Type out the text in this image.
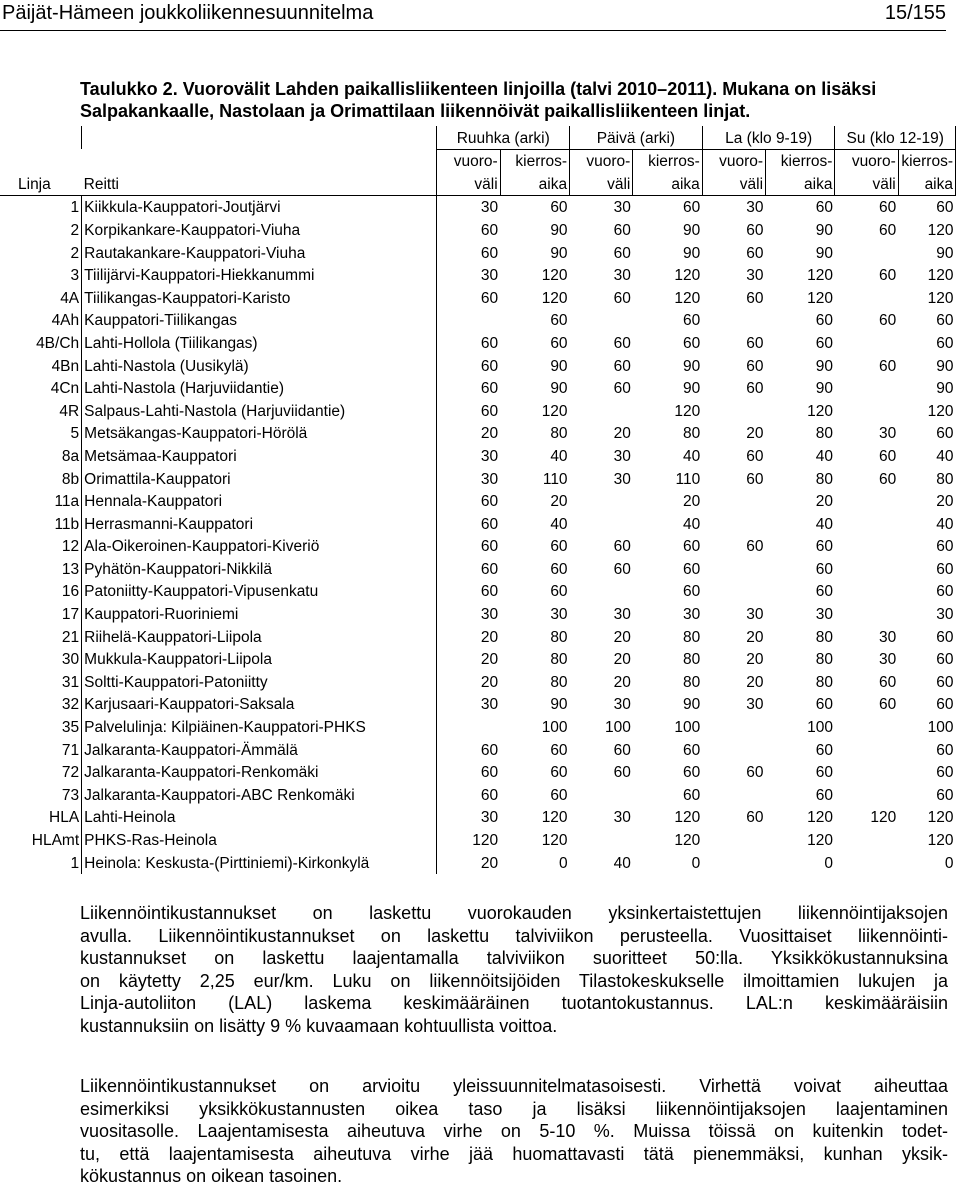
Päijät-Hämeen joukkoliikennesuunnitelma	15/155
Taulukko 2. Vuorovälit Lahden paikallisliikenteen linjoilla (talvi 2010–2011). Mukana on lisäksi
Salpakankaalle, Nastolaan ja Orimattilaan liikennöivät paikallisliikenteen linjat.
		Ruuhka (arki)		Päivä (arki)		La (klo 9-19)		Su (klo 12-19)	
		vuoro-	kierros-	vuoro-	kierros-	vuoro-	kierros-	vuoro-	kierros-
Linja	Reitti	väli	aika	väli	aika	väli	aika	väli	aika
1	Kiikkula-Kauppatori-Joutjärvi	30	60	30	60	30	60	60	60
2	Korpikankare-Kauppatori-Viuha	60	90	60	90	60	90	60	120
2	Rautakankare-Kauppatori-Viuha	60	90	60	90	60	90		90
3	Tiilijärvi-Kauppatori-Hiekkanummi	30	120	30	120	30	120	60	120
4A	Tiilikangas-Kauppatori-Karisto	60	120	60	120	60	120		120
4Ah	Kauppatori-Tiilikangas		60		60		60	60	60
4B/Ch	Lahti-Hollola (Tiilikangas)	60	60	60	60	60	60		60
4Bn	Lahti-Nastola (Uusikylä)	60	90	60	90	60	90	60	90
4Cn	Lahti-Nastola (Harjuviidantie)	60	90	60	90	60	90		90
4R	Salpaus-Lahti-Nastola (Harjuviidantie)	60	120		120		120		120
5	Metsäkangas-Kauppatori-Hörölä	20	80	20	80	20	80	30	60
8a	Metsämaa-Kauppatori	30	40	30	40	60	40	60	40
8b	Orimattila-Kauppatori	30	110	30	110	60	80	60	80
11a	Hennala-Kauppatori	60	20		20		20		20
11b	Herrasmanni-Kauppatori	60	40		40		40		40
12	Ala-Oikeroinen-Kauppatori-Kiveriö	60	60	60	60	60	60		60
13	Pyhätön-Kauppatori-Nikkilä	60	60	60	60		60		60
16	Patoniitty-Kauppatori-Vipusenkatu	60	60		60		60		60
17	Kauppatori-Ruoriniemi	30	30	30	30	30	30		30
21	Riihelä-Kauppatori-Liipola	20	80	20	80	20	80	30	60
30	Mukkula-Kauppatori-Liipola	20	80	20	80	20	80	30	60
31	Soltti-Kauppatori-Patoniitty	20	80	20	80	20	80	60	60
32	Karjusaari-Kauppatori-Saksala	30	90	30	90	30	60	60	60
35	Palvelulinja: Kilpiäinen-Kauppatori-PHKS		100	100	100		100		100
71	Jalkaranta-Kauppatori-Ämmälä	60	60	60	60		60		60
72	Jalkaranta-Kauppatori-Renkomäki	60	60	60	60	60	60		60
73	Jalkaranta-Kauppatori-ABC Renkomäki	60	60		60		60		60
HLA	Lahti-Heinola	30	120	30	120	60	120	120	120
HLAmt	PHKS-Ras-Heinola	120	120		120		120		120
1	Heinola: Keskusta-(Pirttiniemi)-Kirkonkylä	20	0	40	0		0		0
Liikennöintikustannukset on laskettu vuorokauden yksinkertaistettujen liikennöintijaksojen
avulla. Liikennöintikustannukset on laskettu talviviikon perusteella. Vuosittaiset liikennöinti-
kustannukset on laskettu laajentamalla talviviikon suoritteet 50:lla. Yksikkökustannuksina
on käytetty 2,25 eur/km. Luku on liikennöitsijöiden Tilastokeskukselle ilmoittamien lukujen ja
Linja-autoliiton (LAL) laskema keskimääräinen tuotantokustannus. LAL:n keskimääräisiin
kustannuksiin on lisätty 9 % kuvaamaan kohtuullista voittoa.
Liikennöintikustannukset on arvioitu yleissuunnitelmatasoisesti. Virhettä voivat aiheuttaa
esimerkiksi yksikkökustannusten oikea taso ja lisäksi liikennöintijaksojen laajentaminen
vuositasolle. Laajentamisesta aiheutuva virhe on 5-10 %. Muissa töissä on kuitenkin todet-
tu, että laajentamisesta aiheutuva virhe jää huomattavasti tätä pienemmäksi, kunhan yksik-
kökustannus on oikean tasoinen.
